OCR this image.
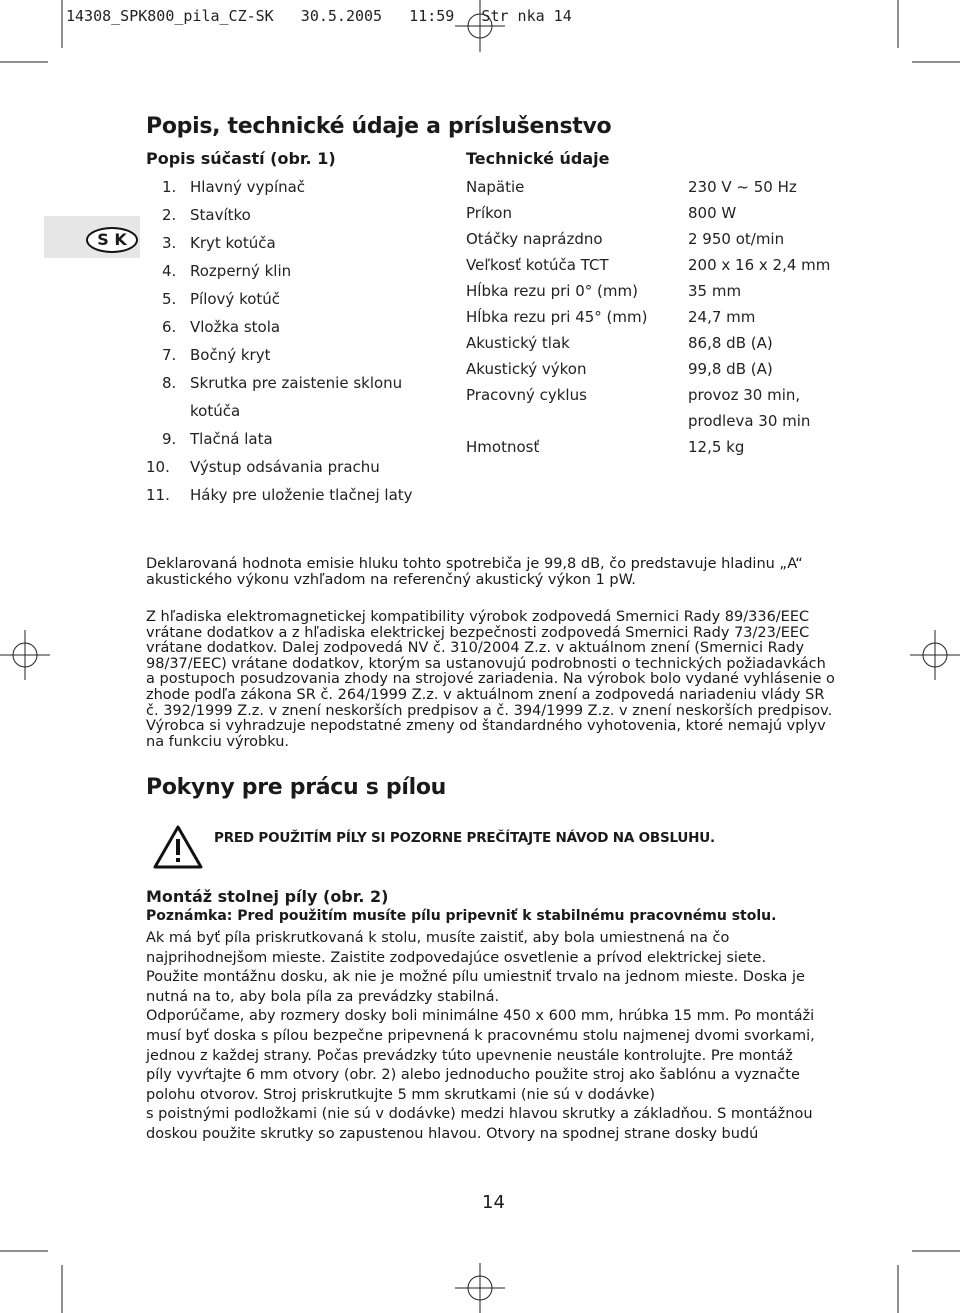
14308_SPK800_pila_CZ-SK   30.5.2005   11:59   Str nka 14
S K
Popis, technické údaje a príslušenstvo
Popis súčastí (obr. 1)
1. Hlavný vypínač
2. Stavítko
3. Kryt kotúča
4. Rozperný klin
5. Pílový kotúč
6. Vložka stola
7. Bočný kryt
8. Skrutka pre zaistenie sklonu
kotúča
9. Tlačná lata
10. Výstup odsávania prachu
11. Háky pre uloženie tlačnej laty
Technické údaje
Napätie	230 V ~ 50 Hz
Príkon	800 W
Otáčky naprázdno	2 950 ot/min
Veľkosť kotúča TCT	200 x 16 x 2,4 mm
Hĺbka rezu pri 0° (mm)	35 mm
Hĺbka rezu pri 45° (mm)	24,7 mm
Akustický tlak	86,8 dB (A)
Akustický výkon	99,8 dB (A)
Pracovný cyklus	provoz 30 min,
prodleva 30 min
Hmotnosť	12,5 kg
Deklarovaná hodnota emisie hluku tohto spotrebiča je 99,8 dB, čo predstavuje hladinu „A“ akustického výkonu vzhľadom na referenčný akustický výkon 1 pW.
Z hľadiska elektromagnetickej kompatibility výrobok zodpovedá Smernici Rady 89/336/EEC vrátane dodatkov a z hľadiska elektrickej bezpečnosti zodpovedá Smernici Rady 73/23/EEC vrátane dodatkov. Dalej zodpovedá NV č. 310/2004 Z.z. v aktuálnom znení (Smernici Rady 98/37/EEC) vrátane dodatkov, ktorým sa ustanovujú podrobnosti o technických požiadavkách a postupoch posudzovania zhody na strojové zariadenia. Na výrobok bolo vydané vyhlásenie o zhode podľa zákona SR č. 264/1999 Z.z. v aktuálnom znení a zodpovedá nariadeniu vlády SR č. 392/1999 Z.z. v znení neskorších predpisov a č. 394/1999 Z.z. v znení neskorších predpisov. Výrobca si vyhradzuje nepodstatné zmeny od štandardného vyhotovenia, ktoré nemajú vplyv na funkciu výrobku.
Pokyny pre prácu s pílou
PRED POUŽITÍM PÍLY SI POZORNE PREČÍTAJTE NÁVOD NA OBSLUHU.
Montáž stolnej píly (obr. 2)
Poznámka: Pred použitím musíte pílu pripevniť k stabilnému pracovnému stolu.
Ak má byť píla priskrutkovaná k stolu, musíte zaistiť, aby bola umiestnená na čo
najprihodnejšom mieste. Zaistite zodpovedajúce osvetlenie a prívod elektrickej siete.
Použite montážnu dosku, ak nie je možné pílu umiestniť trvalo na jednom mieste. Doska je
nutná na to, aby bola píla za prevádzky stabilná.
Odporúčame, aby rozmery dosky boli minimálne 450 x 600 mm, hrúbka 15 mm. Po montáži
musí byť doska s pílou bezpečne pripevnená k pracovnému stolu najmenej dvomi svorkami,
jednou z každej strany. Počas prevádzky túto upevnenie neustále kontrolujte. Pre montáž
píly vyvŕtajte 6 mm otvory (obr. 2) alebo jednoducho použite stroj ako šablónu a vyznačte
polohu otvorov. Stroj priskrutkujte 5 mm skrutkami (nie sú v dodávke)
s poistnými podložkami (nie sú v dodávke) medzi hlavou skrutky a základňou. S montážnou
doskou použite skrutky so zapustenou hlavou. Otvory na spodnej strane dosky budú
14
